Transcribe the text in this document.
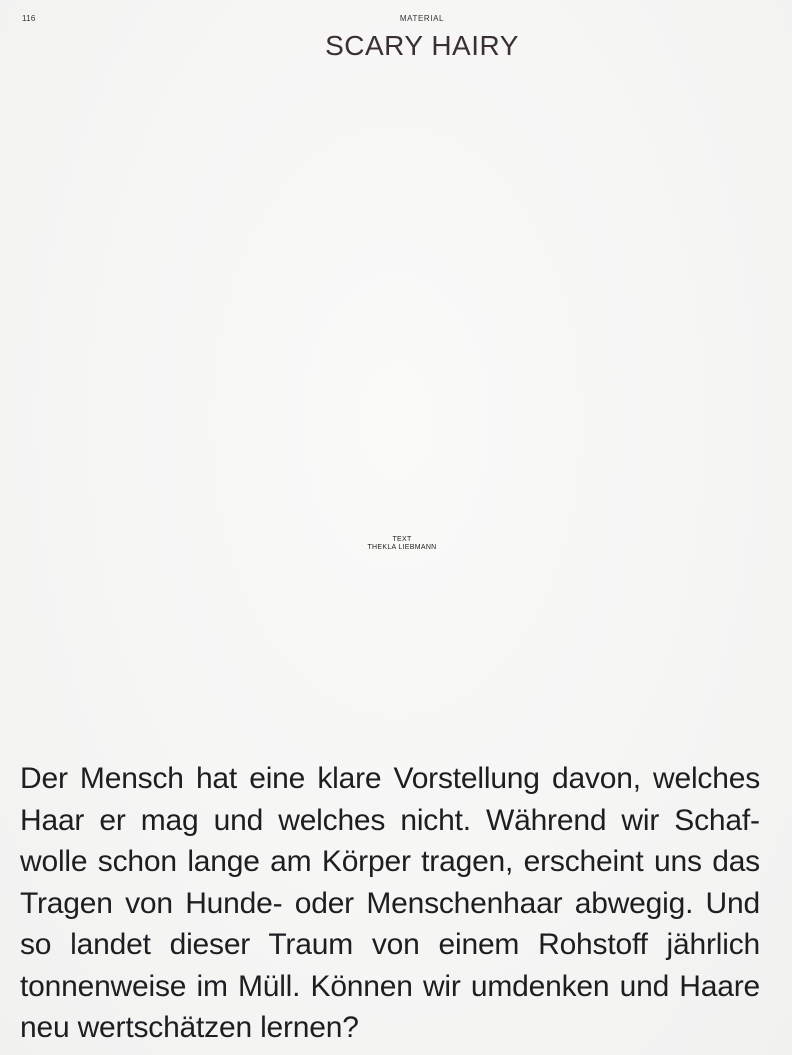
116	MATERIAL
SCARY HAIRY
TEXT
THEKLA LIEBMANN

Der Mensch hat eine klare Vorstellung davon, welches Haar er mag und welches nicht. Während wir Schafwolle schon lange am Körper tragen, erscheint uns das Tragen von Hunde- oder Menschenhaar abwegig. Und so landet dieser Traum von einem Rohstoff jährlich tonnenweise im Müll. Können wir umdenken und Haare neu wertschätzen lernen?
